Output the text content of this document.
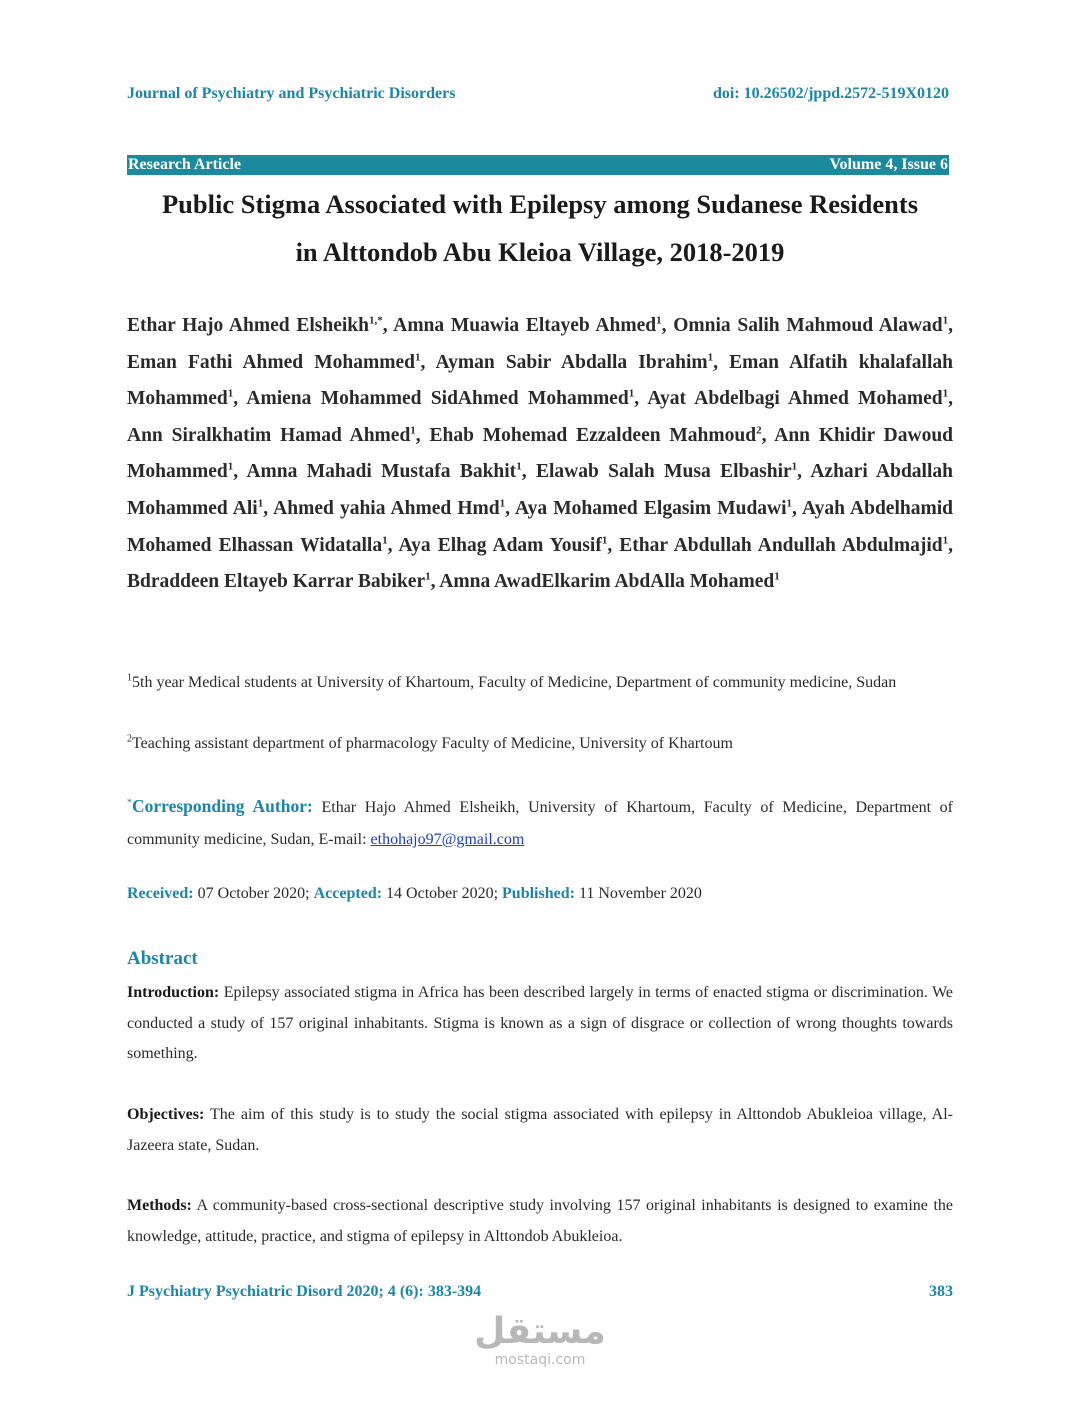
Journal of Psychiatry and Psychiatric Disorders	doi: 10.26502/jppd.2572-519X0120
Research Article	Volume 4, Issue 6
Public Stigma Associated with Epilepsy among Sudanese Residents
in Alttondob Abu Kleioa Village, 2018-2019
Ethar Hajo Ahmed Elsheikh$^{1,*}$, Amna Muawia Eltayeb Ahmed$^1$, Omnia Salih Mahmoud Alawad$^1$, Eman Fathi Ahmed Mohammed$^1$, Ayman Sabir Abdalla Ibrahim$^1$, Eman Alfatih khalafallah Mohammed$^1$, Amiena Mohammed SidAhmed Mohammed$^1$, Ayat Abdelbagi Ahmed Mohamed$^1$, Ann Siralkhatim Hamad Ahmed$^1$, Ehab Mohemad Ezzaldeen Mahmoud$^2$, Ann Khidir Dawoud Mohammed$^1$, Amna Mahadi Mustafa Bakhit$^1$, Elawab Salah Musa Elbashir$^1$, Azhari Abdallah Mohammed Ali$^1$, Ahmed yahia Ahmed Hmd$^1$, Aya Mohamed Elgasim Mudawi$^1$, Ayah Abdelhamid Mohamed Elhassan Widatalla$^1$, Aya Elhag Adam Yousif$^1$, Ethar Abdullah Andullah Abdulmajid$^1$, Bdraddeen Eltayeb Karrar Babiker$^1$, Amna AwadElkarim AbdAlla Mohamed$^1$
$^1$5th year Medical students at University of Khartoum, Faculty of Medicine, Department of community medicine, Sudan
$^2$Teaching assistant department of pharmacology Faculty of Medicine, University of Khartoum
*Corresponding Author: Ethar Hajo Ahmed Elsheikh, University of Khartoum, Faculty of Medicine, Department of community medicine, Sudan, E-mail: ethohajo97@gmail.com
Received: 07 October 2020; Accepted: 14 October 2020; Published: 11 November 2020
Abstract
Introduction: Epilepsy associated stigma in Africa has been described largely in terms of enacted stigma or discrimination. We conducted a study of 157 original inhabitants. Stigma is known as a sign of disgrace or collection of wrong thoughts towards something.
Objectives: The aim of this study is to study the social stigma associated with epilepsy in Alttondob Abukleioa village, Al-Jazeera state, Sudan.
Methods: A community-based cross-sectional descriptive study involving 157 original inhabitants is designed to examine the knowledge, attitude, practice, and stigma of epilepsy in Alttondob Abukleioa.
J Psychiatry Psychiatric Disord 2020; 4 (6): 383-394	383
مستقل
mostaqi.com
